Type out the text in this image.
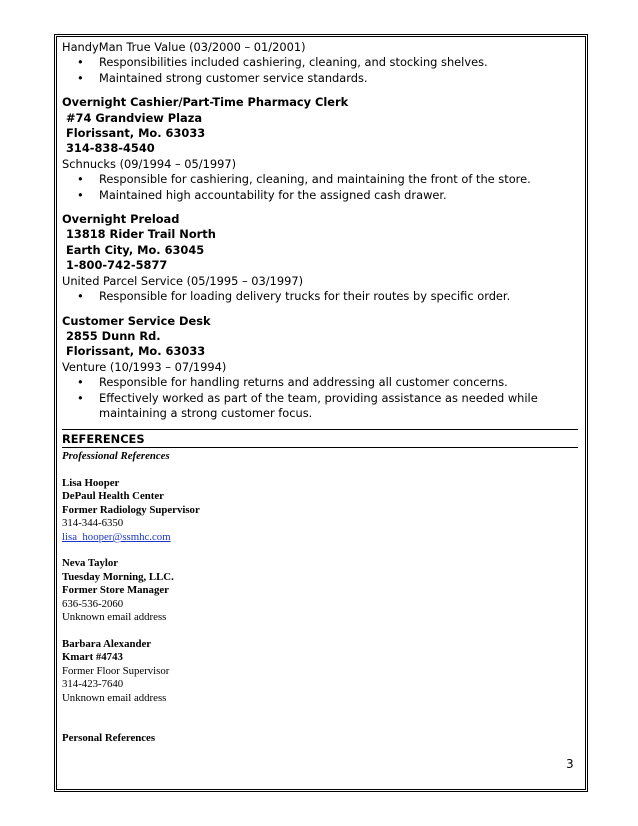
HandyMan True Value (03/2000 – 01/2001)
• Responsibilities included cashiering, cleaning, and stocking shelves.
• Maintained strong customer service standards.
Overnight Cashier/Part-Time Pharmacy Clerk
#74 Grandview Plaza
Florissant, Mo. 63033
314-838-4540
Schnucks (09/1994 – 05/1997)
• Responsible for cashiering, cleaning, and maintaining the front of the store.
• Maintained high accountability for the assigned cash drawer.
Overnight Preload
13818 Rider Trail North
Earth City, Mo. 63045
1-800-742-5877
United Parcel Service (05/1995 – 03/1997)
• Responsible for loading delivery trucks for their routes by specific order.
Customer Service Desk
2855 Dunn Rd.
Florissant, Mo. 63033
Venture (10/1993 – 07/1994)
• Responsible for handling returns and addressing all customer concerns.
• Effectively worked as part of the team, providing assistance as needed while maintaining a strong customer focus.
REFERENCES
Professional References
Lisa Hooper
DePaul Health Center
Former Radiology Supervisor
314-344-6350
lisa_hooper@ssmhc.com
Neva Taylor
Tuesday Morning, LLC.
Former Store Manager
636-536-2060
Unknown email address
Barbara Alexander
Kmart #4743
Former Floor Supervisor
314-423-7640
Unknown email address
Personal References
3
